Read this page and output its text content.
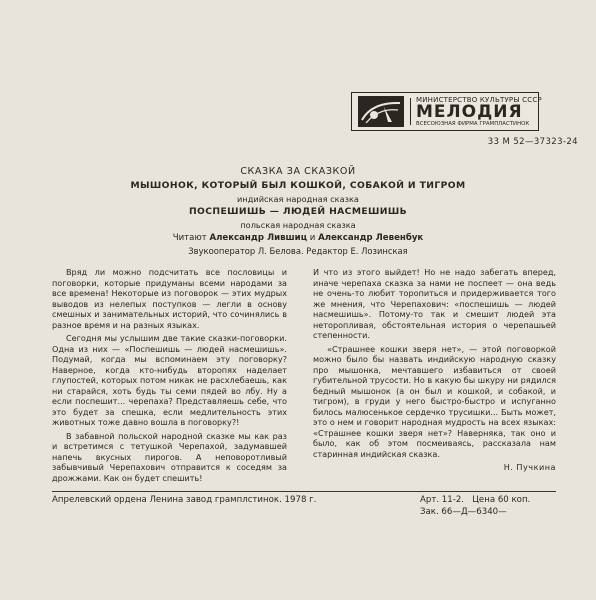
МИНИСТЕРСТВО КУЛЬТУРЫ СССР
МЕЛОДИЯ
ВСЕСОЮЗНАЯ ФИРМА ГРАМПЛАСТИНОК
33 М 52—37323-24
СКАЗКА ЗА СКАЗКОЙ
МЫШОНОК, КОТОРЫЙ БЫЛ КОШКОЙ, СОБАКОЙ И ТИГРОМ
индийская народная сказка
ПОСПЕШИШЬ — ЛЮДЕЙ НАСМЕШИШЬ
польская народная сказка
Читают Александр Лившиц и Александр Левенбук
Звукооператор Л. Белова. Редактор Е. Лозинская

Вряд ли можно подсчитать все пословицы и поговорки, которые придуманы всеми народами за все времена! Некоторые из поговорок — этих мудрых выводов из нелепых поступков — легли в основу смешных и занимательных историй, что сочинялись в разное время и на разных языках.

Сегодня мы услышим две такие сказки-поговорки. Одна из них — «Поспешишь — людей насмешишь». Подумай, когда мы вспоминаем эту поговорку? Наверное, когда кто-нибудь второпях наделает глупостей, которых потом никак не расхлебаешь, как ни старайся, хоть будь ты семи пядей во лбу. Ну а если поспешит... черепаха? Представляешь себе, что это будет за спешка, если медлительность этих животных тоже давно вошла в поговорку?!

В забавной польской народной сказке мы как раз и встретимся с тетушкой Черепахой, задумавшей напечь вкусных пирогов. А неповоротливый забывчивый Черепахович отправится к соседям за дрожжами. Как он будет спешить!

И что из этого выйдет! Но не надо забегать вперед, иначе черепаха сказка за нами не поспеет — она ведь не очень-то любит торопиться и придерживается того же мнения, что Черепахович: «поспешишь — людей насмешишь». Потому-то так и смешит людей эта неторопливая, обстоятельная история о черепашьей степенности.

«Страшнее кошки зверя нет», — этой поговоркой можно было бы назвать индийскую народную сказку про мышонка, мечтавшего избавиться от своей губительной трусости. Но в какую бы шкуру ни рядился бедный мышонок (а он был и кошкой, и собакой, и тигром), в груди у него быстро-быстро и испуганно билось малюсенькое сердечко трусишки... Быть может, это о нем и говорит народная мудрость на всех языках: «Страшнее кошки зверя нет»? Наверняка, так оно и было, как об этом посмеиваясь, рассказала нам старинная индийская сказка.

Н. Пучкина

Апрелевский ордена Ленина завод грамплстинок. 1978 г.	Арт. 11-2. Цена 60 коп.
Зак. 66—Д—6340—
